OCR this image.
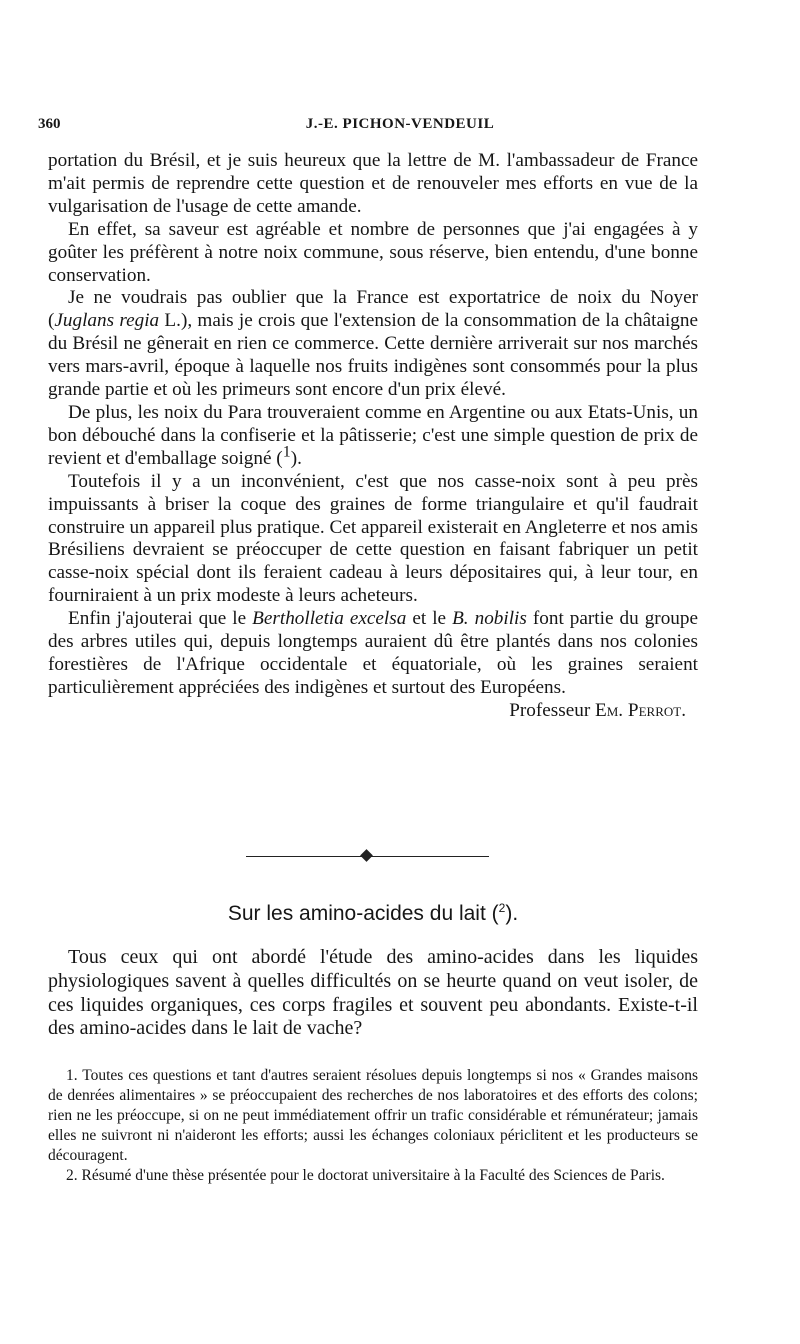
360	J.-E. PICHON-VENDEUIL

portation du Brésil, et je suis heureux que la lettre de M. l'ambassadeur de France m'ait permis de reprendre cette question et de renouveler mes efforts en vue de la vulgarisation de l'usage de cette amande.

En effet, sa saveur est agréable et nombre de personnes que j'ai engagées à y goûter les préfèrent à notre noix commune, sous réserve, bien entendu, d'une bonne conservation.

Je ne voudrais pas oublier que la France est exportatrice de noix du Noyer (Juglans regia L.), mais je crois que l'extension de la consommation de la châtaigne du Brésil ne gênerait en rien ce commerce. Cette dernière arriverait sur nos marchés vers mars-avril, époque à laquelle nos fruits indigènes sont consommés pour la plus grande partie et où les primeurs sont encore d'un prix élevé.

De plus, les noix du Para trouveraient comme en Argentine ou aux Etats-Unis, un bon débouché dans la confiserie et la pâtisserie; c'est une simple question de prix de revient et d'emballage soigné ($^1$).

Toutefois il y a un inconvénient, c'est que nos casse-noix sont à peu près impuissants à briser la coque des graines de forme triangulaire et qu'il faudrait construire un appareil plus pratique. Cet appareil existerait en Angleterre et nos amis Brésiliens devraient se préoccuper de cette question en faisant fabriquer un petit casse-noix spécial dont ils feraient cadeau à leurs dépositaires qui, à leur tour, en fourniraient à un prix modeste à leurs acheteurs.

Enfin j'ajouterai que le Bertholletia excelsa et le B. nobilis font partie du groupe des arbres utiles qui, depuis longtemps auraient dû être plantés dans nos colonies forestières de l'Afrique occidentale et équatoriale, où les graines seraient particulièrement appréciées des indigènes et surtout des Européens.

Professeur Em. Perrot.

Sur les amino-acides du lait ($^2$).

Tous ceux qui ont abordé l'étude des amino-acides dans les liquides physiologiques savent à quelles difficultés on se heurte quand on veut isoler, de ces liquides organiques, ces corps fragiles et souvent peu abondants. Existe-t-il des amino-acides dans le lait de vache?

1. Toutes ces questions et tant d'autres seraient résolues depuis longtemps si nos « Grandes maisons de denrées alimentaires » se préoccupaient des recherches de nos laboratoires et des efforts des colons; rien ne les préoccupe, si on ne peut immédiatement offrir un trafic considérable et rémunérateur; jamais elles ne suivront ni n'aideront les efforts; aussi les échanges coloniaux périclitent et les producteurs se découragent.

2. Résumé d'une thèse présentée pour le doctorat universitaire à la Faculté des Sciences de Paris.
